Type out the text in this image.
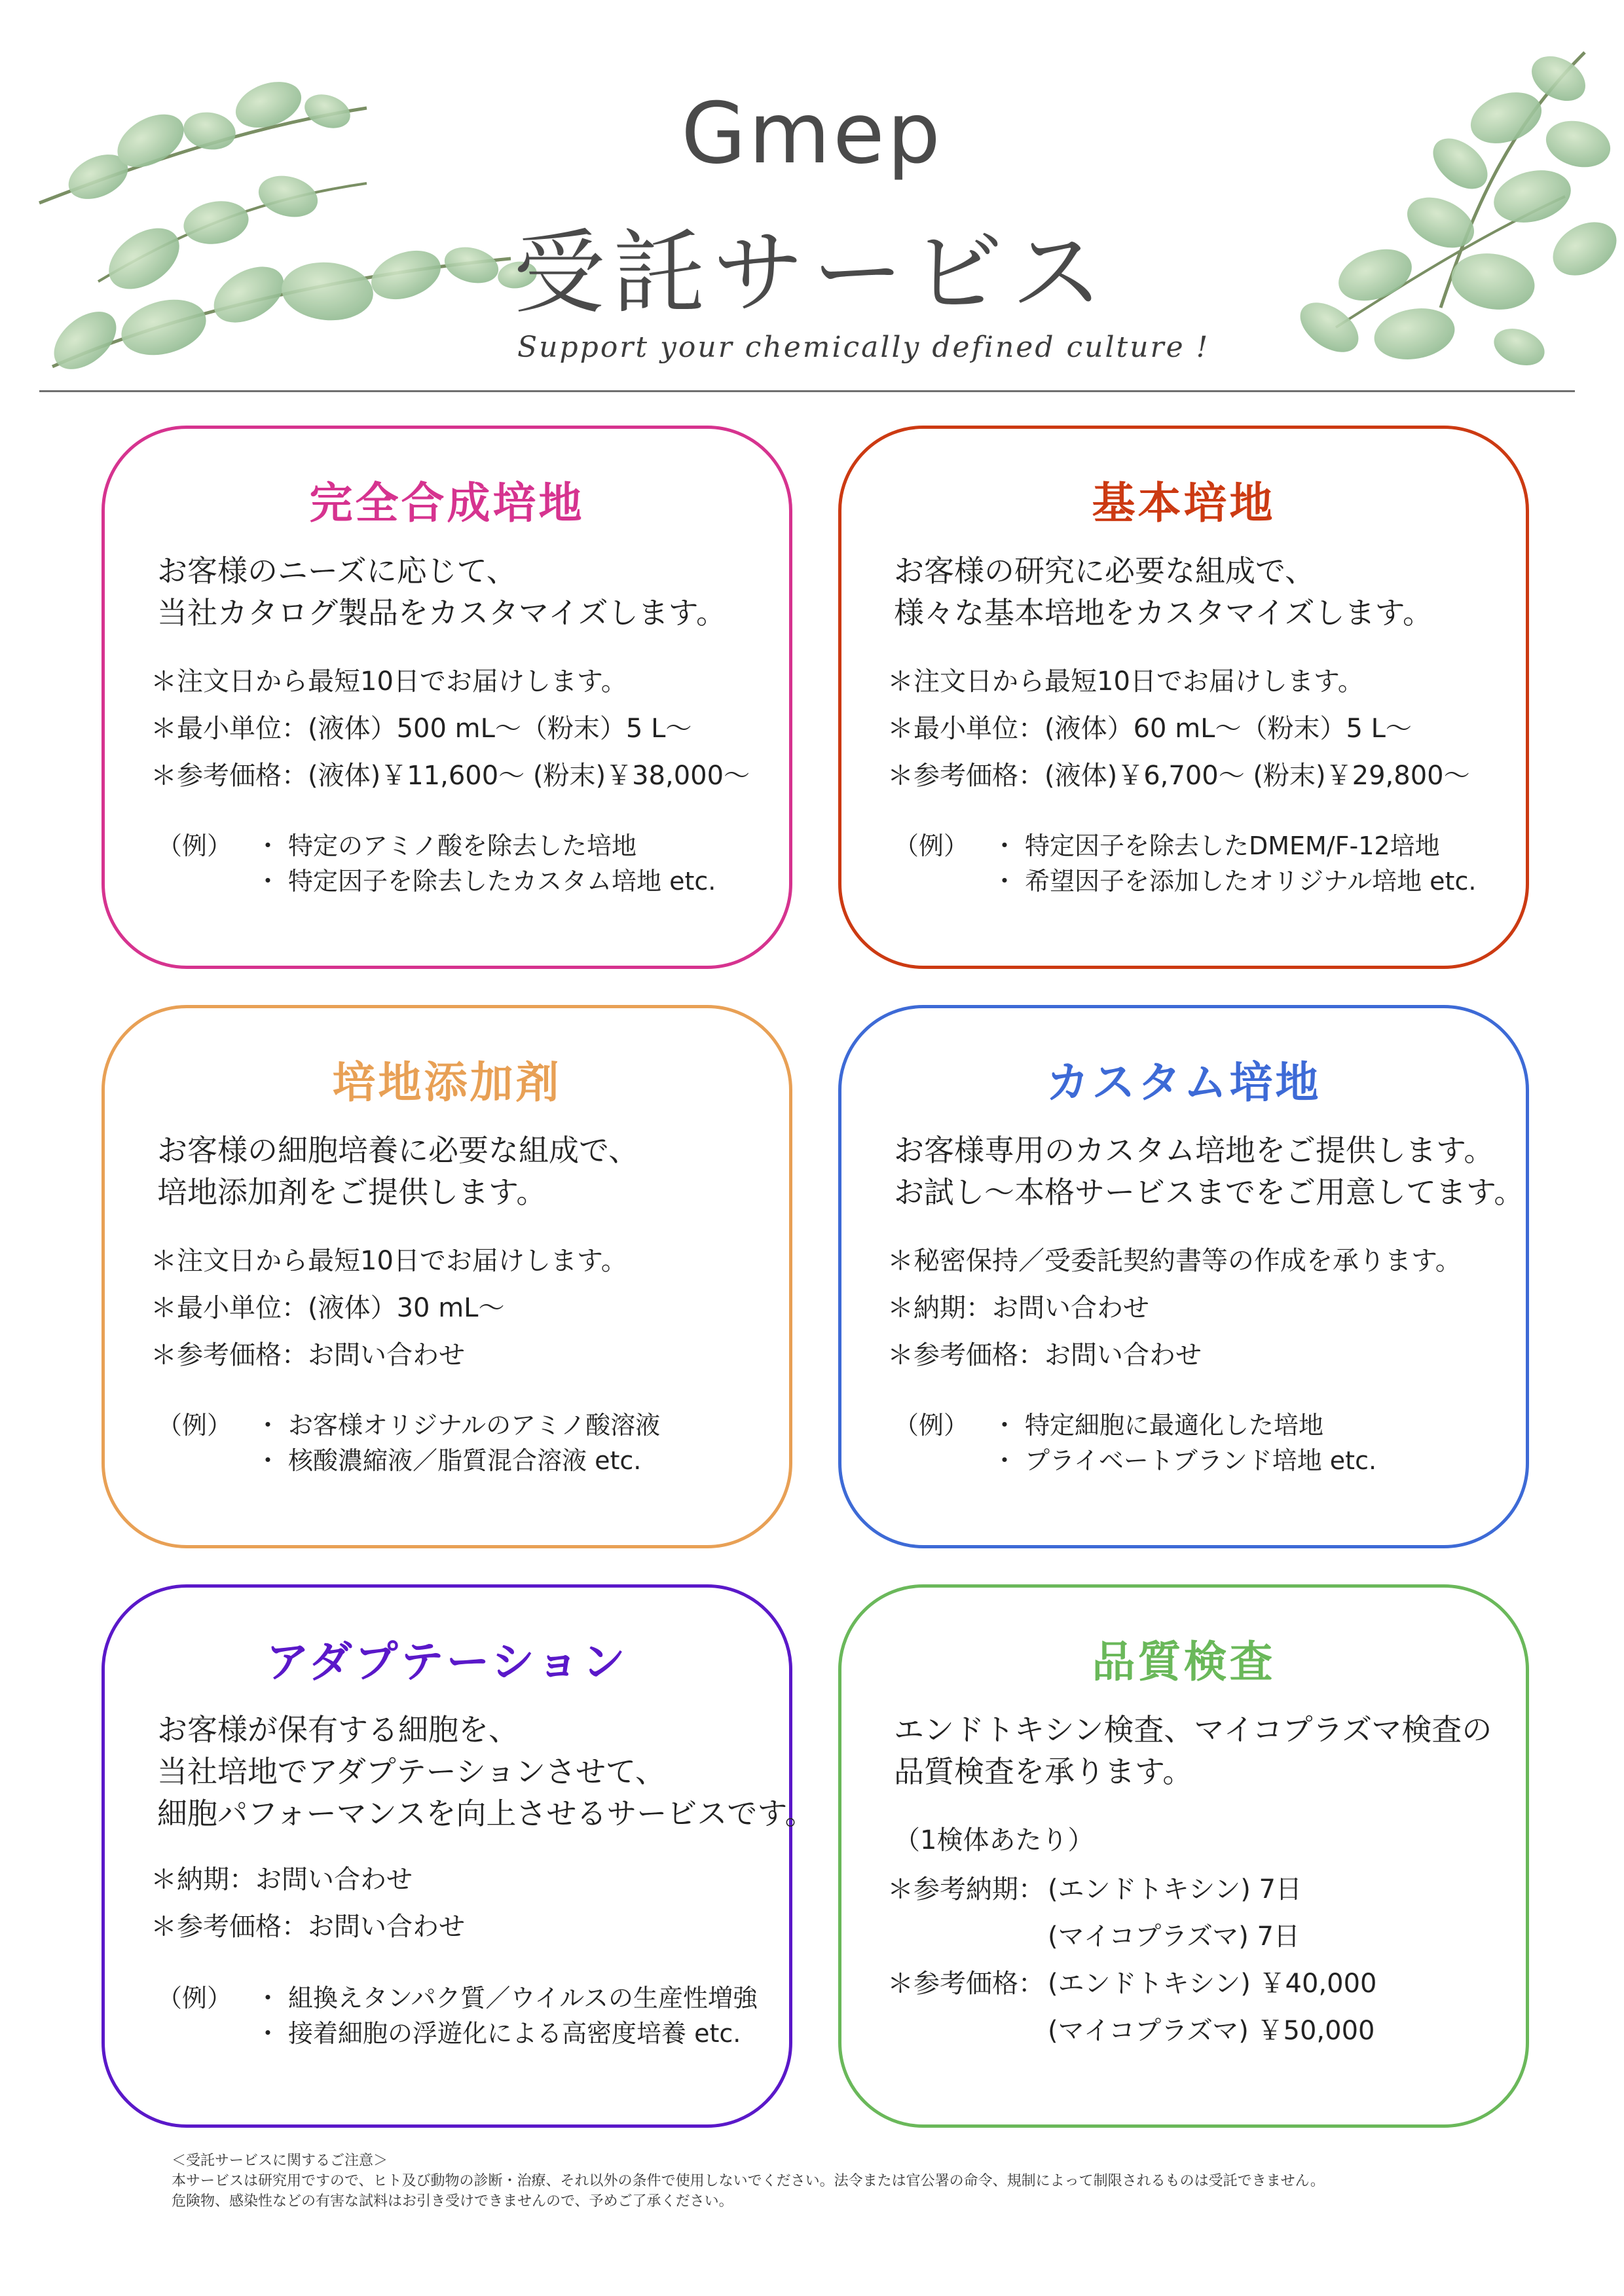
Gmep
受託サービス
Support your chemically defined culture !
完全合成培地
お客様のニーズに応じて、
当社カタログ製品をカスタマイズします。
＊注文日から最短10日でお届けします。
＊最小単位：(液体）500 mL～（粉末）5 L～
＊参考価格：(液体)￥11,600～ (粉末)￥38,000～
（例） ・ 特定のアミノ酸を除去した培地
・ 特定因子を除去したカスタム培地 etc.
基本培地
お客様の研究に必要な組成で、
様々な基本培地をカスタマイズします。
＊注文日から最短10日でお届けします。
＊最小単位：(液体）60 mL～（粉末）5 L～
＊参考価格：(液体)￥6,700～ (粉末)￥29,800～
（例） ・ 特定因子を除去したDMEM/F-12培地
・ 希望因子を添加したオリジナル培地 etc.
培地添加剤
お客様の細胞培養に必要な組成で、
培地添加剤をご提供します。
＊注文日から最短10日でお届けします。
＊最小単位：(液体）30 mL～
＊参考価格：お問い合わせ
（例） ・ お客様オリジナルのアミノ酸溶液
・ 核酸濃縮液／脂質混合溶液 etc.
カスタム培地
お客様専用のカスタム培地をご提供します。
お試し～本格サービスまでをご用意してます。
＊秘密保持／受委託契約書等の作成を承ります。
＊納期：お問い合わせ
＊参考価格：お問い合わせ
（例） ・ 特定細胞に最適化した培地
・ プライベートブランド培地 etc.
アダプテーション
お客様が保有する細胞を、
当社培地でアダプテーションさせて、
細胞パフォーマンスを向上させるサービスです。
＊納期：お問い合わせ
＊参考価格：お問い合わせ
（例） ・ 組換えタンパク質／ウイルスの生産性増強
・ 接着細胞の浮遊化による高密度培養 etc.
品質検査
エンドトキシン検査、マイコプラズマ検査の
品質検査を承ります。
（1検体あたり）
＊参考納期： (エンドトキシン) 7日
(マイコプラズマ) 7日
＊参考価格： (エンドトキシン) ￥40,000
(マイコプラズマ) ￥50,000
＜受託サービスに関するご注意＞
本サービスは研究用ですので、ヒト及び動物の診断・治療、それ以外の条件で使用しないでください。法令または官公署の命令、規制によって制限されるものは受託できません。
危険物、感染性などの有害な試料はお引き受けできませんので、予めご了承ください。
